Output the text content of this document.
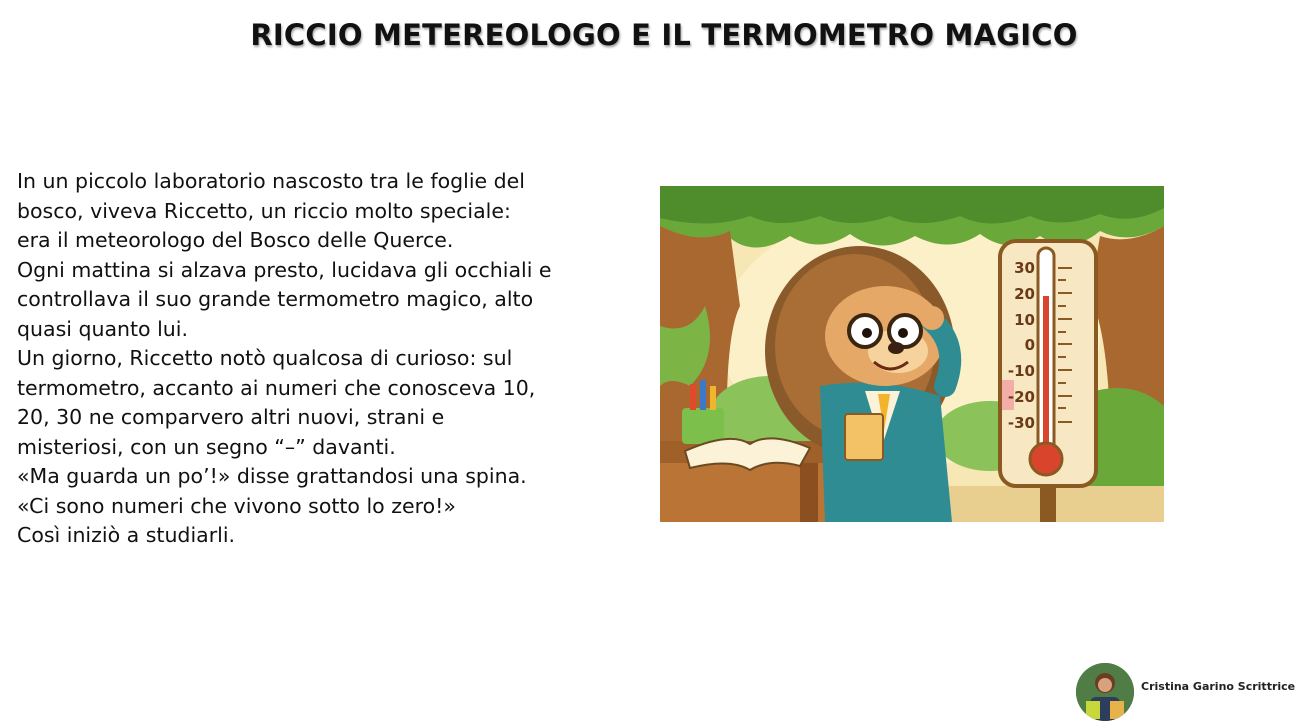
RICCIO METEREOLOGO E IL TERMOMETRO MAGICO
In un piccolo laboratorio nascosto tra le foglie del
bosco, viveva Riccetto, un riccio molto speciale:
era il meteorologo del Bosco delle Querce.
Ogni mattina si alzava presto, lucidava gli occhiali e
controllava il suo grande termometro magico, alto
quasi quanto lui.
Un giorno, Riccetto notò qualcosa di curioso: sul
termometro, accanto ai numeri che conosceva 10,
20, 30 ne comparvero altri nuovi, strani e
misteriosi, con un segno “–” davanti.
«Ma guarda un po’!» disse grattandosi una spina.
«Ci sono numeri che vivono sotto lo zero!»
Così iniziò a studiarli.
30
20
10
0
-10
-20
-30
Cristina Garino Scrittrice
